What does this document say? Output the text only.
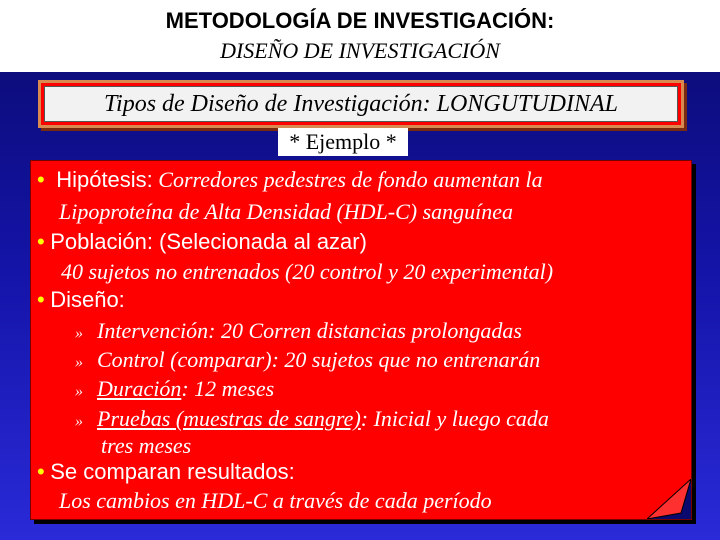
METODOLOGÍA DE INVESTIGACIÓN:
DISEÑO DE INVESTIGACIÓN
Tipos de Diseño de Investigación: LONGUTUDINAL
* Ejemplo *
• Hipótesis: Corredores pedestres de fondo aumentan la
Lipoproteína de Alta Densidad (HDL-C) sanguínea
• Población: (Selecionada al azar)
40 sujetos no entrenados (20 control y 20 experimental)
• Diseño:
» Intervención: 20 Corren distancias prolongadas
» Control (comparar): 20 sujetos que no entrenarán
» Duración: 12 meses
» Pruebas (muestras de sangre): Inicial y luego cada
tres meses
• Se comparan resultados:
Los cambios en HDL-C a través de cada período
